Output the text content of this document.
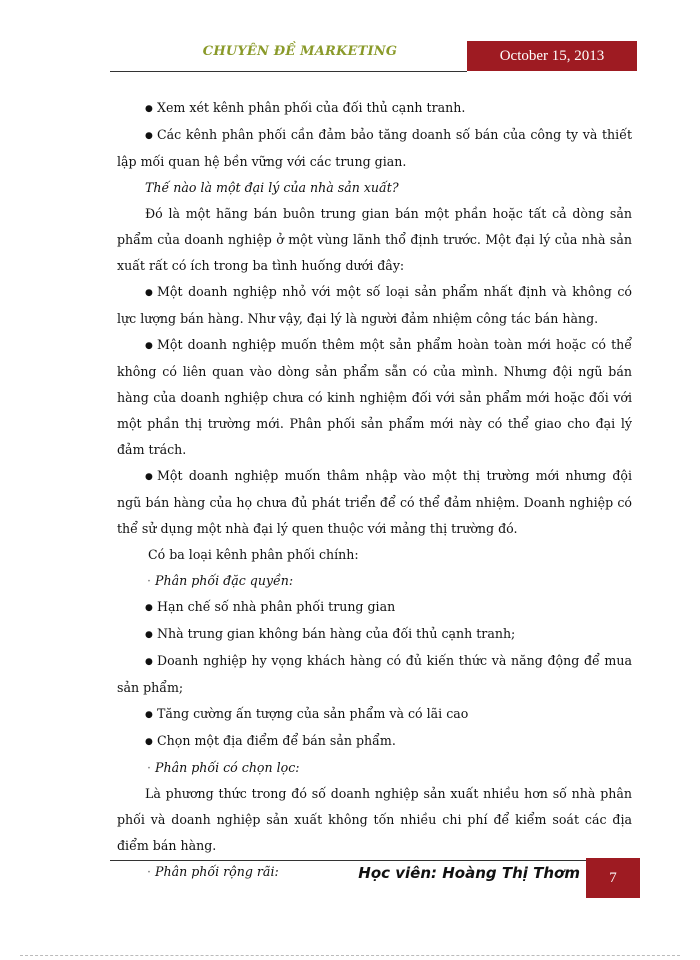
CHUYÊN ĐỀ MARKETING	October 15, 2013

● Xem xét kênh phân phối của đối thủ cạnh tranh.

● Các kênh phân phối cần đảm bảo tăng doanh số bán của công ty và thiết lập mối quan hệ bền vững với các trung gian.

Thế nào là một đại lý của nhà sản xuất?

Đó là một hãng bán buôn trung gian bán một phần hoặc tất cả dòng sản phẩm của doanh nghiệp ở một vùng lãnh thổ định trước. Một đại lý của nhà sản xuất rất có ích trong ba tình huống dưới đây:

● Một doanh nghiệp nhỏ với một số loại sản phẩm nhất định và không có lực lượng bán hàng. Như vậy, đại lý là người đảm nhiệm công tác bán hàng.

● Một doanh nghiệp muốn thêm một sản phẩm hoàn toàn mới hoặc có thể không có liên quan vào dòng sản phẩm sẵn có của mình. Nhưng đội ngũ bán hàng của doanh nghiệp chưa có kinh nghiệm đối với sản phẩm mới hoặc đối với một phần thị trường mới. Phân phối sản phẩm mới này có thể giao cho đại lý đảm trách.

● Một doanh nghiệp muốn thâm nhập vào một thị trường mới nhưng đội ngũ bán hàng của họ chưa đủ phát triển để có thể đảm nhiệm. Doanh nghiệp có thể sử dụng một nhà đại lý quen thuộc với mảng thị trường đó.

Có ba loại kênh phân phối chính:

· Phân phối đặc quyền:

● Hạn chế số nhà phân phối trung gian

● Nhà trung gian không bán hàng của đối thủ cạnh tranh;

● Doanh nghiệp hy vọng khách hàng có đủ kiến thức và năng động để mua sản phẩm;

● Tăng cường ấn tượng của sản phẩm và có lãi cao

● Chọn một địa điểm để bán sản phẩm.

· Phân phối có chọn lọc:

Là phương thức trong đó số doanh nghiệp sản xuất nhiều hơn số nhà phân phối và doanh nghiệp sản xuất không tốn nhiều chi phí để kiểm soát các địa điểm bán hàng.

· Phân phối rộng rãi:	Học viên: Hoàng Thị Thơm	7
